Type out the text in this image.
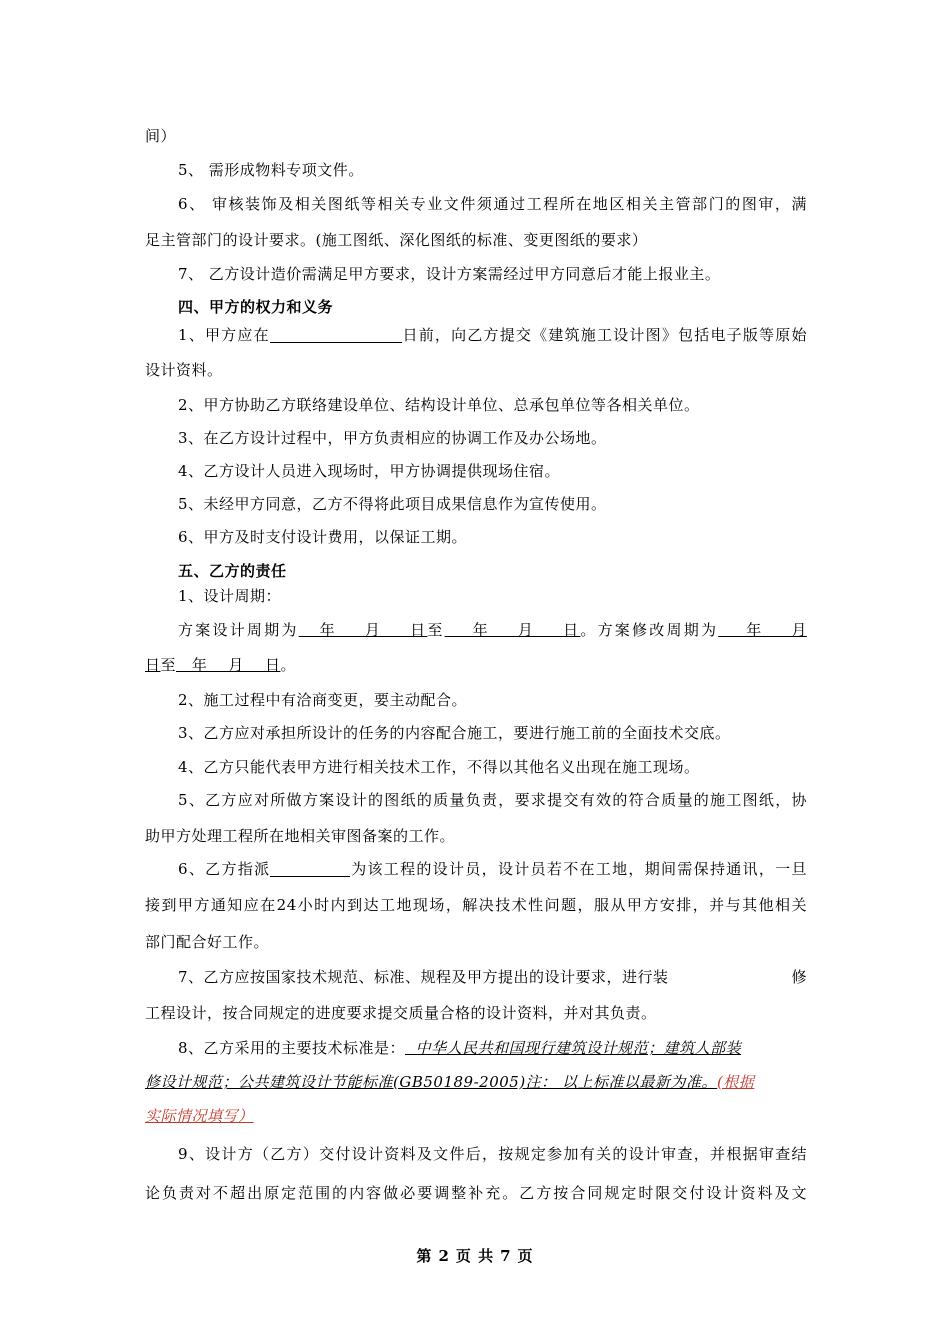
间）
5、 需形成物料专项文件。
6、 审核装饰及相关图纸等相关专业文件须通过工程所在地区相关主管部门的图审，满
足主管部门的设计要求。(施工图纸、深化图纸的标准、变更图纸的要求）
7、 乙方设计造价需满足甲方要求，设计方案需经过甲方同意后才能上报业主。
四、甲方的权力和义务
1、甲方应在	日前，向乙方提交《建筑施工设计图》包括电子版等原始
设计资料。
2、甲方协助乙方联络建设单位、结构设计单位、总承包单位等各相关单位。
3、在乙方设计过程中，甲方负责相应的协调工作及办公场地。
4、乙方设计人员进入现场时，甲方协调提供现场住宿。
5、未经甲方同意，乙方不得将此项目成果信息作为宣传使用。
6、甲方及时支付设计费用，以保证工期。
五、乙方的责任
1、设计周期：
方案设计周期为   年    月    日至    年    月    日。方案修改周期为    年    月
日至   年    月    日。
2、施工过程中有洽商变更，要主动配合。
3、乙方应对承担所设计的任务的内容配合施工，要进行施工前的全面技术交底。
4、乙方只能代表甲方进行相关技术工作，不得以其他名义出现在施工现场。
5、乙方应对所做方案设计的图纸的质量负责，要求提交有效的符合质量的施工图纸，协
助甲方处理工程所在地相关审图备案的工作。
6、乙方指派	为该工程的设计员，设计员若不在工地，期间需保持通讯，一旦
接到甲方通知应在24小时内到达工地现场，解决技术性问题，服从甲方安排，并与其他相关
部门配合好工作。
7、乙方应按国家技术规范、标准、规程及甲方提出的设计要求，进行装	修
工程设计，按合同规定的进度要求提交质量合格的设计资料，并对其负责。
8、乙方采用的主要技术标准是：  中华人民共和国现行建筑设计规范；建筑人部装
修设计规范；公共建筑设计节能标准(GB50189-2005)注： 以上标准以最新为准。(根据
实际情况填写）
9、设计方（乙方）交付设计资料及文件后，按规定参加有关的设计审查，并根据审查结
论负责对不超出原定范围的内容做必要调整补充。乙方按合同规定时限交付设计资料及文
第 2 页 共 7 页
